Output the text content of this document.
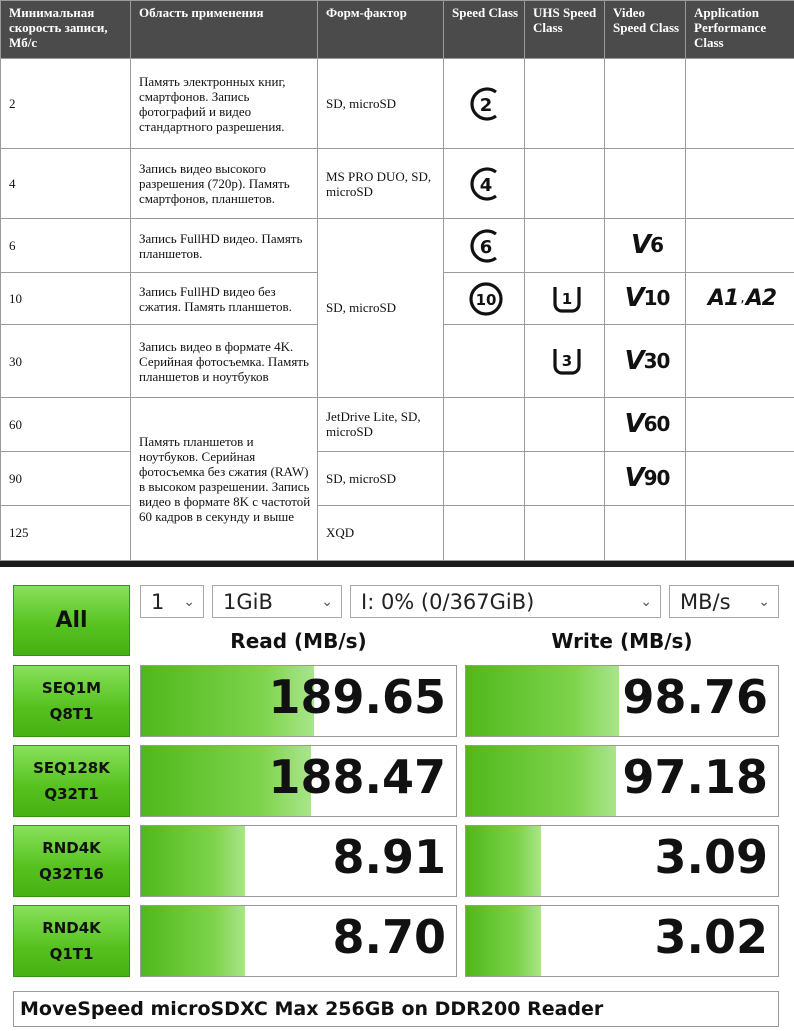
Минимальная скорость записи, Мб/с	Область применения	Форм-фактор	Speed Class	UHS Speed Class	Video Speed Class	Application Performance Class
2	Память электронных книг, смартфонов. Запись фотографий и видео стандартного разрешения.	SD, microSD	2			

4	Запись видео высокого разрешения (720p). Память смартфонов, планшетов.	MS PRO DUO, SD, microSD	4			

6	Запись FullHD видео. Память планшетов.	SD, microSD	6		V 6	

10	Запись FullHD видео без сжатия. Память планшетов.		10	1	V 10	A1 , A2

30	Запись видео в формате 4K. Серийная фотосъемка. Память планшетов и ноутбуков			3	V 30	

60	Память планшетов и ноутбуков. Серийная фотосъемка без сжатия (RAW) в высоком разрешении. Запись видео в формате 8K с частотой 60 кадров в секунду и выше	JetDrive Lite, SD, microSD			V 60	

90		SD, microSD			V 90	

125		XQD				
All
1 ⌄ 1GiB	⌄ I: 0% (0/367GiB)	⌄ MB/s ⌄
Read (MB/s)	Write (MB/s)
SEQ1M
Q8T1	189.65	98.76
SEQ128K
Q32T1	188.47	97.18
RND4K
Q32T16	8.91	3.09
RND4K
Q1T1	8.70	3.02
MoveSpeed microSDXC Max 256GB on DDR200 Reader
